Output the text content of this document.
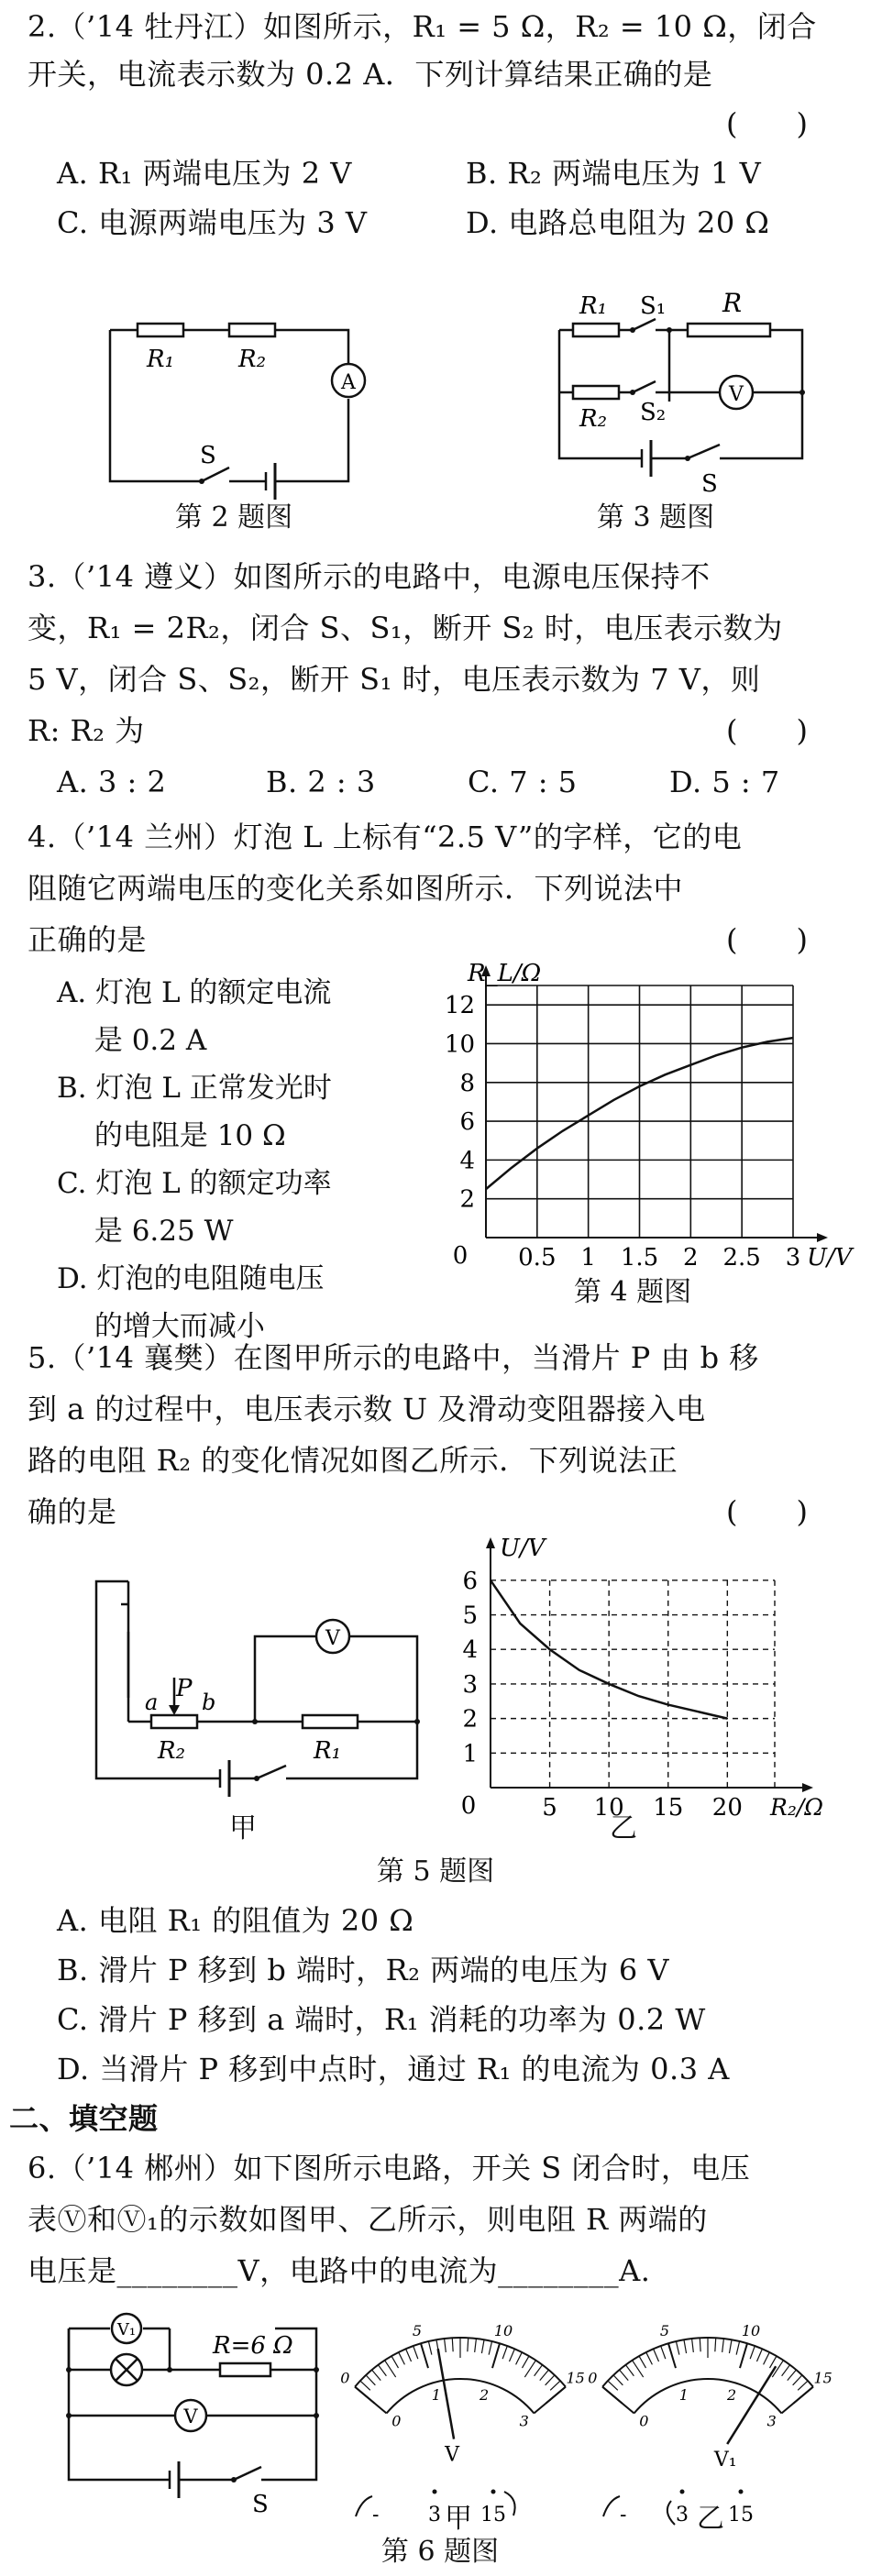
2.（’14 牡丹江）如图所示，R₁ = 5 Ω，R₂ = 10 Ω，闭合
开关，电流表示数为 0.2 A．下列计算结果正确的是
(　　)
A. R₁ 两端电压为 2 V	B. R₂ 两端电压为 1 V
C. 电源两端电压为 3 V	D. 电路总电阻为 20 Ω
R₁	R₂
A
S
第 2 题图
R₁ S₁ R
R₂ S₂
V
S
第 3 题图
3.（’14 遵义）如图所示的电路中，电源电压保持不
变，R₁ = 2R₂，闭合 S、S₁，断开 S₂ 时，电压表示数为
5 V，闭合 S、S₂，断开 S₁ 时，电压表示数为 7 V，则
R: R₂ 为	(　　)
A. 3 : 2	B. 2 : 3	C. 7 : 5	D. 5 : 7
4.（’14 兰州）灯泡 L 上标有“2.5 V”的字样，它的电
阻随它两端电压的变化关系如图所示．下列说法中
正确的是	(　　)
A. 灯泡 L 的额定电流
　 是 0.2 A
B. 灯泡 L 正常发光时
　 的电阻是 10 Ω
C. 灯泡 L 的额定功率
　 是 6.25 W
D. 灯泡的电阻随电压
　 的增大而减小
0.5 1 1.5 2 2.5 3
2
4
6
8
10
12
0	U/V
R_L/Ω
第 4 题图
5.（’14 襄樊）在图甲所示的电路中，当滑片 P 由 b 移
到 a 的过程中，电压表示数 U 及滑动变阻器接入电
路的电阻 R₂ 的变化情况如图乙所示．下列说法正
确的是	(　　)
a P b
R₂	R₁
V
甲
5 10 15 20
1
2
3
4
5
6
0	R₂/Ω
U/V
乙
第 5 题图
A. 电阻 R₁ 的阻值为 20 Ω
B. 滑片 P 移到 b 端时，R₂ 两端的电压为 6 V
C. 滑片 P 移到 a 端时，R₁ 消耗的功率为 0.2 W
D. 当滑片 P 移到中点时，通过 R₁ 的电流为 0.3 A
二、填空题
6.（’14 郴州）如下图所示电路，开关 S 闭合时，电压
表Ⓥ和Ⓥ₁的示数如图甲、乙所示，则电阻 R 两端的
电压是________V，电路中的电流为________A.
V₁
V
R=6 Ω
S
0
5	10
15
0
1	2
3
V
- 3 15
0
5	10
15
0
1	2
3
V₁
- 3 15
甲	乙
第 6 题图
